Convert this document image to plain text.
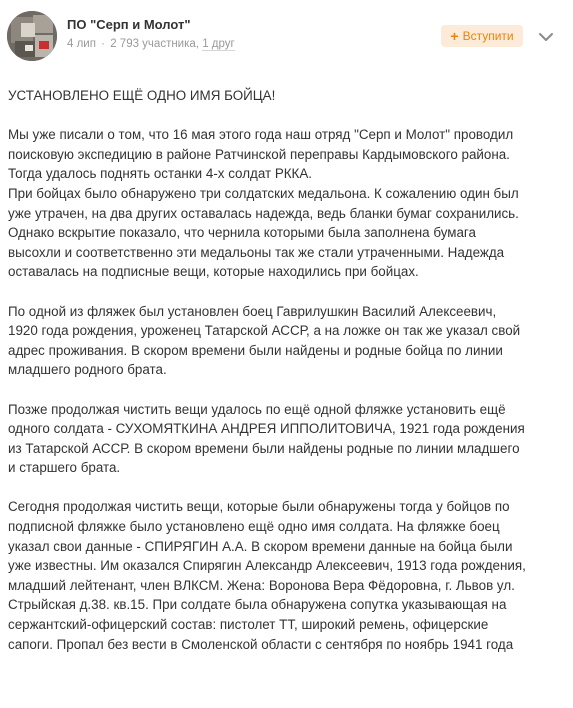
ПО "Серп и Молот"
4 лип · 2 793 участника, 1 друг	+ Вступити
УСТАНОВЛЕНО ЕЩЁ ОДНО ИМЯ БОЙЦА!

Мы уже писали о том, что 16 мая этого года наш отряд "Серп и Молот" проводил
поисковую экспедицию в районе Ратчинской переправы Кардымовского района.
Тогда удалось поднять останки 4-х солдат РККА.
При бойцах было обнаружено три солдатских медальона. К сожалению один был
уже утрачен, на два других оставалась надежда, ведь бланки бумаг сохранились.
Однако вскрытие показало, что чернила которыми была заполнена бумага
высохли и соответственно эти медальоны так же стали утраченными. Надежда
оставалась на подписные вещи, которые находились при бойцах.

По одной из фляжек был установлен боец Гаврилушкин Василий Алексеевич,
1920 года рождения, уроженец Татарской АССР, а на ложке он так же указал свой
адрес проживания. В скором времени были найдены и родные бойца по линии
младшего родного брата.

Позже продолжая чистить вещи удалось по ещё одной фляжке установить ещё
одного солдата - СУХОМЯТКИНА АНДРЕЯ ИППОЛИТОВИЧА, 1921 года рождения
из Татарской АССР. В скором времени были найдены родные по линии младшего
и старшего брата.

Сегодня продолжая чистить вещи, которые были обнаружены тогда у бойцов по
подписной фляжке было установлено ещё одно имя солдата. На фляжке боец
указал свои данные - СПИРЯГИН А.А. В скором времени данные на бойца были
уже известны. Им оказался Спирягин Александр Алексеевич, 1913 года рождения,
младший лейтенант, член ВЛКСМ. Жена: Воронова Вера Фёдоровна, г. Львов ул.
Стрыйская д.38. кв.15. При солдате была обнаружена сопутка указывающая на
сержантский-офицерский состав: пистолет ТТ, широкий ремень, офицерские
сапоги. Пропал без вести в Смоленской области с сентября по ноябрь 1941 года
